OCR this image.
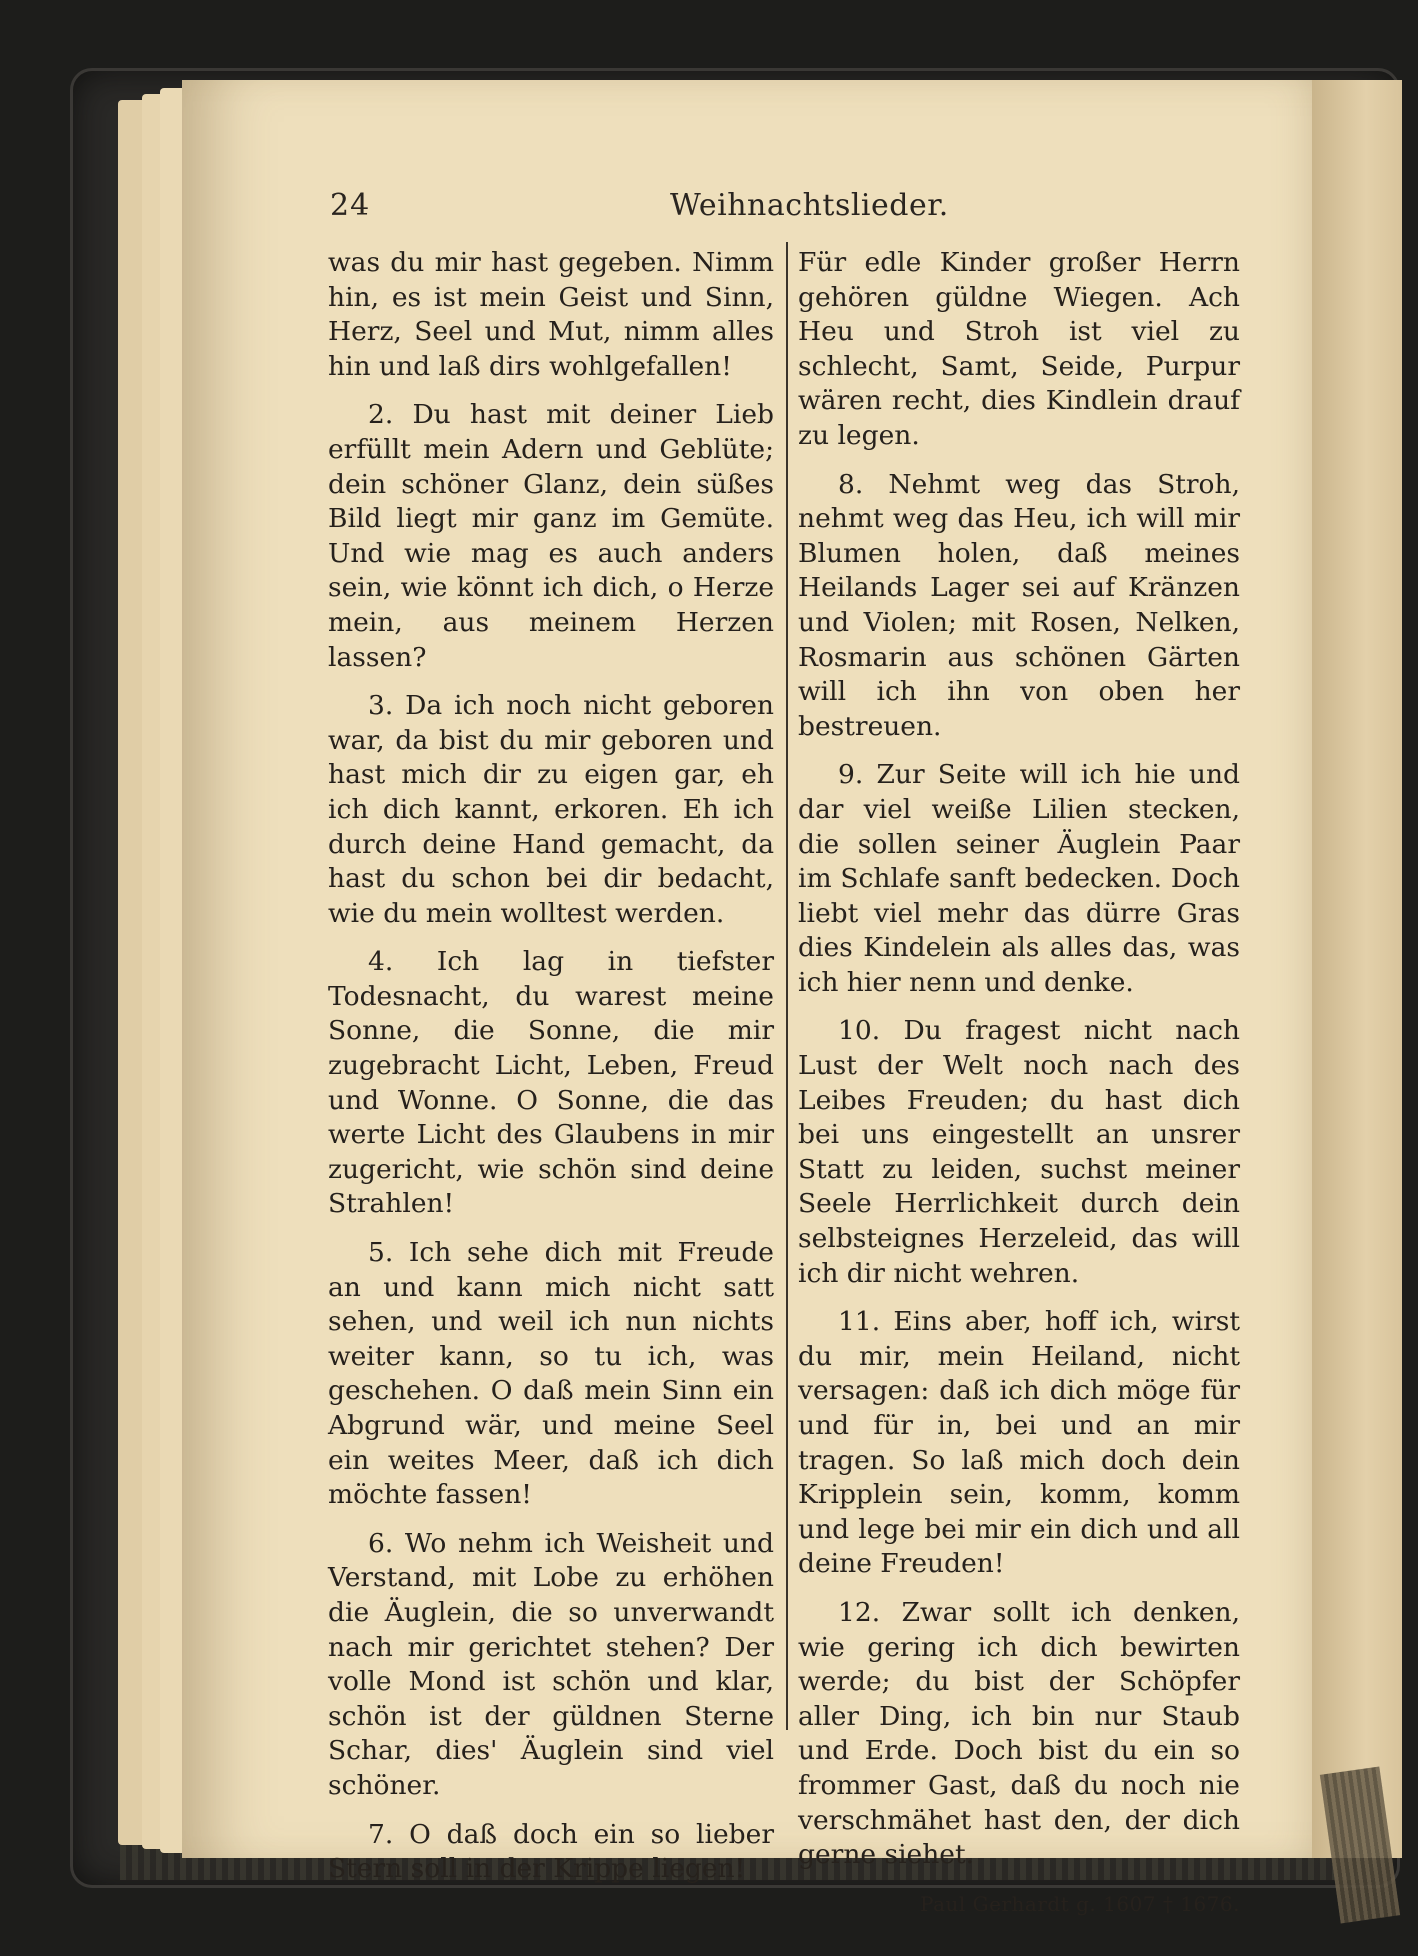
24	Weihnachtslieder.

was du mir hast gegeben. Nimm hin, es ist mein Geist und Sinn, Herz, Seel und Mut, nimm alles hin und laß dirs wohlgefallen!

2. Du hast mit deiner Lieb erfüllt mein Adern und Geblüte; dein schöner Glanz, dein süßes Bild liegt mir ganz im Gemüte. Und wie mag es auch anders sein, wie könnt ich dich, o Herze mein, aus meinem Herzen lassen?

3. Da ich noch nicht geboren war, da bist du mir geboren und hast mich dir zu eigen gar, eh ich dich kannt, erkoren. Eh ich durch deine Hand gemacht, da hast du schon bei dir bedacht, wie du mein wolltest werden.

4. Ich lag in tiefster Todesnacht, du warest meine Sonne, die Sonne, die mir zugebracht Licht, Leben, Freud und Wonne. O Sonne, die das werte Licht des Glaubens in mir zugericht, wie schön sind deine Strahlen!

5. Ich sehe dich mit Freude an und kann mich nicht satt sehen, und weil ich nun nichts weiter kann, so tu ich, was geschehen. O daß mein Sinn ein Abgrund wär, und meine Seel ein weites Meer, daß ich dich möchte fassen!

6. Wo nehm ich Weisheit und Verstand, mit Lobe zu erhöhen die Äuglein, die so unverwandt nach mir gerichtet stehen? Der volle Mond ist schön und klar, schön ist der güldnen Sterne Schar, dies' Äuglein sind viel schöner.

7. O daß doch ein so lieber Stern soll in der Krippe liegen!

Für edle Kinder großer Herrn gehören güldne Wiegen. Ach Heu und Stroh ist viel zu schlecht, Samt, Seide, Purpur wären recht, dies Kindlein drauf zu legen.

8. Nehmt weg das Stroh, nehmt weg das Heu, ich will mir Blumen holen, daß meines Heilands Lager sei auf Kränzen und Violen; mit Rosen, Nelken, Rosmarin aus schönen Gärten will ich ihn von oben her bestreuen.

9. Zur Seite will ich hie und dar viel weiße Lilien stecken, die sollen seiner Äuglein Paar im Schlafe sanft bedecken. Doch liebt viel mehr das dürre Gras dies Kindelein als alles das, was ich hier nenn und denke.

10. Du fragest nicht nach Lust der Welt noch nach des Leibes Freuden; du hast dich bei uns eingestellt an unsrer Statt zu leiden, suchst meiner Seele Herrlichkeit durch dein selbsteignes Herzeleid, das will ich dir nicht wehren.

11. Eins aber, hoff ich, wirst du mir, mein Heiland, nicht versagen: daß ich dich möge für und für in, bei und an mir tragen. So laß mich doch dein Kripplein sein, komm, komm und lege bei mir ein dich und all deine Freuden!

12. Zwar sollt ich denken, wie gering ich dich bewirten werde; du bist der Schöpfer aller Ding, ich bin nur Staub und Erde. Doch bist du ein so frommer Gast, daß du noch nie verschmähet hast den, der dich gerne siehet.

Paul Gerhardt g. 1607 † 1676.
